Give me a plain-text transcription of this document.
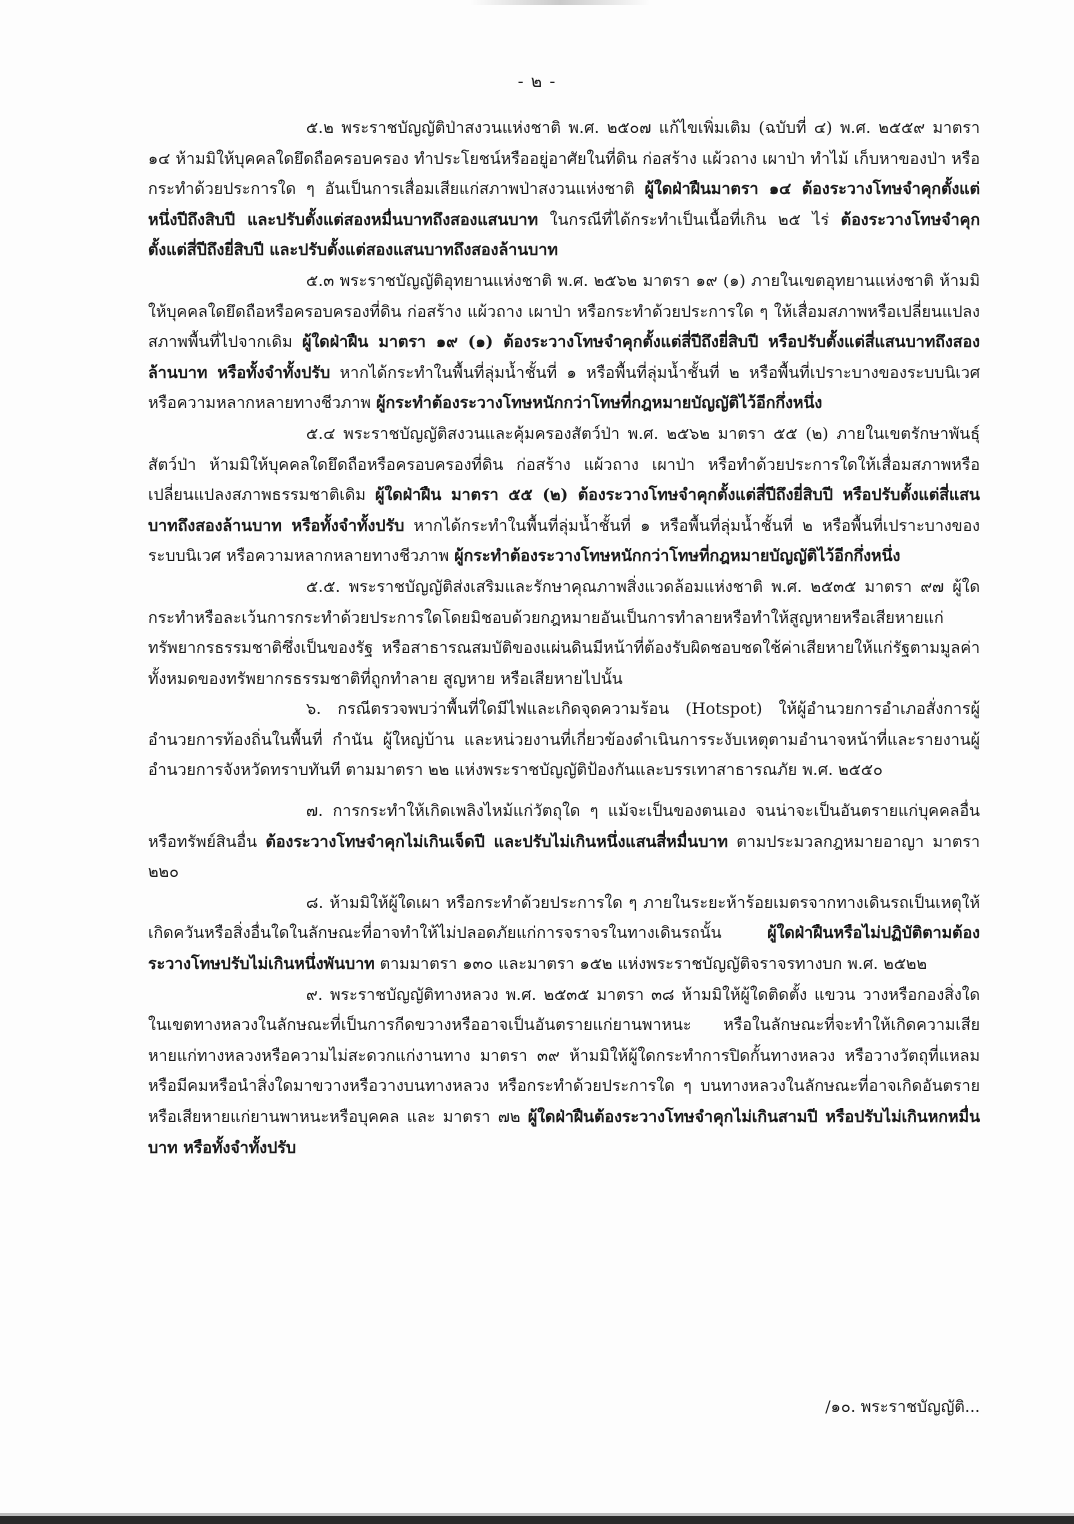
- ๒ -

๕.๒ พระราชบัญญัติป่าสงวนแห่งชาติ พ.ศ. ๒๕๐๗ แก้ไขเพิ่มเติม (ฉบับที่ ๔) พ.ศ. ๒๕๕๙ มาตรา ๑๔ ห้ามมิให้บุคคลใดยึดถือครอบครอง ทำประโยชน์หรืออยู่อาศัยในที่ดิน ก่อสร้าง แผ้วถาง เผาป่า ทำไม้ เก็บหาของป่า หรือกระทำด้วยประการใด ๆ อันเป็นการเสื่อมเสียแก่สภาพป่าสงวนแห่งชาติ ผู้ใดฝ่าฝืนมาตรา ๑๔ ต้องระวางโทษจำคุกตั้งแต่หนึ่งปีถึงสิบปี และปรับตั้งแต่สองหมื่นบาทถึงสองแสนบาท ในกรณีที่ได้กระทำเป็นเนื้อที่เกิน ๒๕ ไร่ ต้องระวางโทษจำคุกตั้งแต่สี่ปีถึงยี่สิบปี และปรับตั้งแต่สองแสนบาทถึงสองล้านบาท

๕.๓ พระราชบัญญัติอุทยานแห่งชาติ พ.ศ. ๒๕๖๒ มาตรา ๑๙ (๑) ภายในเขตอุทยานแห่งชาติ ห้ามมิให้บุคคลใดยึดถือหรือครอบครองที่ดิน ก่อสร้าง แผ้วถาง เผาป่า หรือกระทำด้วยประการใด ๆ ให้เสื่อมสภาพหรือเปลี่ยนแปลงสภาพพื้นที่ไปจากเดิม ผู้ใดฝ่าฝืน มาตรา ๑๙ (๑) ต้องระวางโทษจำคุกตั้งแต่สี่ปีถึงยี่สิบปี หรือปรับตั้งแต่สี่แสนบาทถึงสองล้านบาท หรือทั้งจำทั้งปรับ หากได้กระทำในพื้นที่ลุ่มน้ำชั้นที่ ๑ หรือพื้นที่ลุ่มน้ำชั้นที่ ๒ หรือพื้นที่เปราะบางของระบบนิเวศ หรือความหลากหลายทางชีวภาพ ผู้กระทำต้องระวางโทษหนักกว่าโทษที่กฎหมายบัญญัติไว้อีกกึ่งหนึ่ง

๕.๔ พระราชบัญญัติสงวนและคุ้มครองสัตว์ป่า พ.ศ. ๒๕๖๒ มาตรา ๕๕ (๒) ภายในเขตรักษาพันธุ์สัตว์ป่า ห้ามมิให้บุคคลใดยึดถือหรือครอบครองที่ดิน ก่อสร้าง แผ้วถาง เผาป่า หรือทำด้วยประการใดให้เสื่อมสภาพหรือเปลี่ยนแปลงสภาพธรรมชาติเดิม ผู้ใดฝ่าฝืน มาตรา ๕๕ (๒) ต้องระวางโทษจำคุกตั้งแต่สี่ปีถึงยี่สิบปี หรือปรับตั้งแต่สี่แสนบาทถึงสองล้านบาท หรือทั้งจำทั้งปรับ หากได้กระทำในพื้นที่ลุ่มน้ำชั้นที่ ๑ หรือพื้นที่ลุ่มน้ำชั้นที่ ๒ หรือพื้นที่เปราะบางของระบบนิเวศ หรือความหลากหลายทางชีวภาพ ผู้กระทำต้องระวางโทษหนักกว่าโทษที่กฎหมายบัญญัติไว้อีกกึ่งหนึ่ง

๕.๕. พระราชบัญญัติส่งเสริมและรักษาคุณภาพสิ่งแวดล้อมแห่งชาติ พ.ศ. ๒๕๓๕ มาตรา ๙๗ ผู้ใดกระทำหรือละเว้นการกระทำด้วยประการใดโดยมิชอบด้วยกฎหมายอันเป็นการทำลายหรือทำให้สูญหายหรือเสียหายแก่ทรัพยากรธรรมชาติซึ่งเป็นของรัฐ หรือสาธารณสมบัติของแผ่นดินมีหน้าที่ต้องรับผิดชอบชดใช้ค่าเสียหายให้แก่รัฐตามมูลค่าทั้งหมดของทรัพยากรธรรมชาติที่ถูกทำลาย สูญหาย หรือเสียหายไปนั้น

๖. กรณีตรวจพบว่าพื้นที่ใดมีไฟและเกิดจุดความร้อน (Hotspot) ให้ผู้อำนวยการอำเภอสั่งการผู้อำนวยการท้องถิ่นในพื้นที่ กำนัน ผู้ใหญ่บ้าน และหน่วยงานที่เกี่ยวข้องดำเนินการระงับเหตุตามอำนาจหน้าที่และรายงานผู้อำนวยการจังหวัดทราบทันที ตามมาตรา ๒๒ แห่งพระราชบัญญัติป้องกันและบรรเทาสาธารณภัย พ.ศ. ๒๕๕๐

๗. การกระทำให้เกิดเพลิงไหม้แก่วัตถุใด ๆ แม้จะเป็นของตนเอง จนน่าจะเป็นอันตรายแก่บุคคลอื่นหรือทรัพย์สินอื่น ต้องระวางโทษจำคุกไม่เกินเจ็ดปี และปรับไม่เกินหนึ่งแสนสี่หมื่นบาท ตามประมวลกฎหมายอาญา มาตรา ๒๒๐

๘. ห้ามมิให้ผู้ใดเผา หรือกระทำด้วยประการใด ๆ ภายในระยะห้าร้อยเมตรจากทางเดินรถเป็นเหตุให้เกิดควันหรือสิ่งอื่นใดในลักษณะที่อาจทำให้ไม่ปลอดภัยแก่การจราจรในทางเดินรถนั้น ผู้ใดฝ่าฝืนหรือไม่ปฏิบัติตามต้องระวางโทษปรับไม่เกินหนึ่งพันบาท ตามมาตรา ๑๓๐ และมาตรา ๑๕๒ แห่งพระราชบัญญัติจราจรทางบก พ.ศ. ๒๕๒๒

๙. พระราชบัญญัติทางหลวง พ.ศ. ๒๕๓๕ มาตรา ๓๘ ห้ามมิให้ผู้ใดติดตั้ง แขวน วางหรือกองสิ่งใดในเขตทางหลวงในลักษณะที่เป็นการกีดขวางหรืออาจเป็นอันตรายแก่ยานพาหนะ หรือในลักษณะที่จะทำให้เกิดความเสียหายแก่ทางหลวงหรือความไม่สะดวกแก่งานทาง มาตรา ๓๙ ห้ามมิให้ผู้ใดกระทำการปิดกั้นทางหลวง หรือวางวัตถุที่แหลมหรือมีคมหรือนำสิ่งใดมาขวางหรือวางบนทางหลวง หรือกระทำด้วยประการใด ๆ บนทางหลวงในลักษณะที่อาจเกิดอันตรายหรือเสียหายแก่ยานพาหนะหรือบุคคล และ มาตรา ๗๒ ผู้ใดฝ่าฝืนต้องระวางโทษจำคุกไม่เกินสามปี หรือปรับไม่เกินหกหมื่นบาท หรือทั้งจำทั้งปรับ

/๑๐. พระราชบัญญัติ...
